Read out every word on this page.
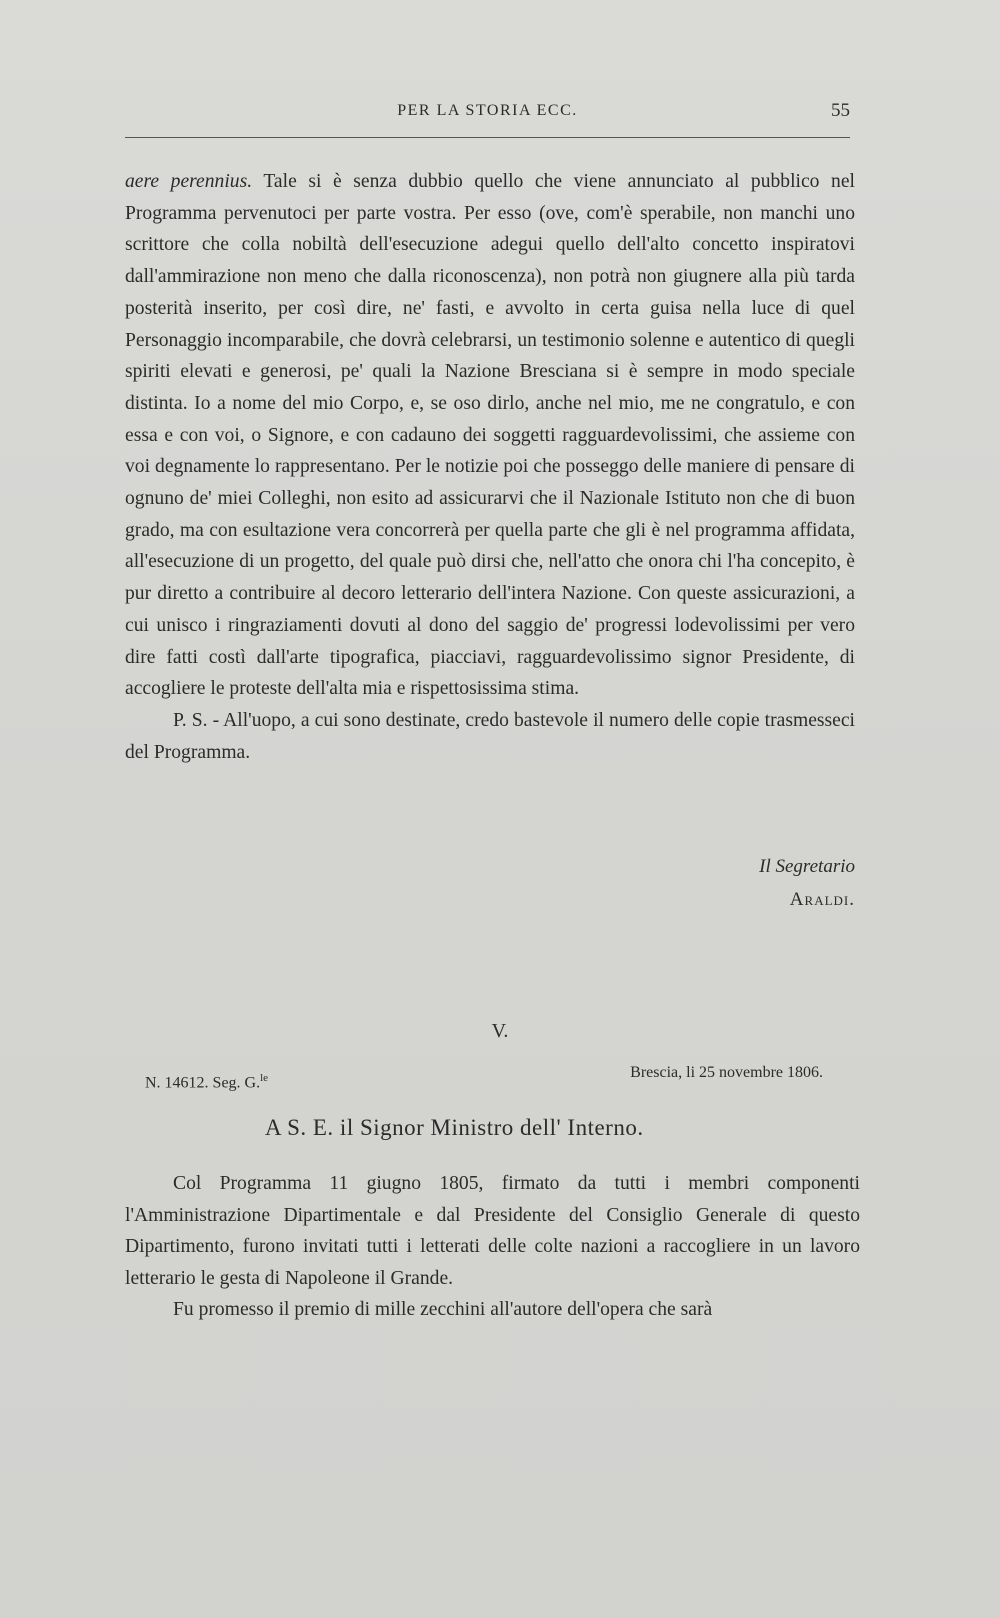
PER LA STORIA ECC.	55

aere perennius. Tale si è senza dubbio quello che viene annunciato al pubblico nel Programma pervenutoci per parte vostra. Per esso (ove, com'è sperabile, non manchi uno scrittore che colla nobiltà dell'esecuzione adegui quello dell'alto concetto inspiratovi dall'ammirazione non meno che dalla riconoscenza), non potrà non giugnere alla più tarda posterità inserito, per così dire, ne' fasti, e avvolto in certa guisa nella luce di quel Personaggio incomparabile, che dovrà celebrarsi, un testimonio solenne e autentico di quegli spiriti elevati e generosi, pe' quali la Nazione Bresciana si è sempre in modo speciale distinta. Io a nome del mio Corpo, e, se oso dirlo, anche nel mio, me ne congratulo, e con essa e con voi, o Signore, e con cadauno dei soggetti ragguardevolissimi, che assieme con voi degnamente lo rappresentano. Per le notizie poi che posseggo delle maniere di pensare di ognuno de' miei Colleghi, non esito ad assicurarvi che il Nazionale Istituto non che di buon grado, ma con esultazione vera concorrerà per quella parte che gli è nel programma affidata, all'esecuzione di un progetto, del quale può dirsi che, nell'atto che onora chi l'ha concepito, è pur diretto a contribuire al decoro letterario dell'intera Nazione. Con queste assicurazioni, a cui unisco i ringraziamenti dovuti al dono del saggio de' progressi lodevolissimi per vero dire fatti costì dall'arte tipografica, piacciavi, ragguardevolissimo signor Presidente, di accogliere le proteste dell'alta mia e rispettosissima stima.

P. S. - All'uopo, a cui sono destinate, credo bastevole il numero delle copie trasmesseci del Programma.

Il Segretario
Araldi.
V.
N. 14612. Seg. G.$^{le}$	Brescia, li 25 novembre 1806.
A S. E. il Signor Ministro dell' Interno.

Col Programma 11 giugno 1805, firmato da tutti i membri componenti l'Amministrazione Dipartimentale e dal Presidente del Consiglio Generale di questo Dipartimento, furono invitati tutti i letterati delle colte nazioni a raccogliere in un lavoro letterario le gesta di Napoleone il Grande.

Fu promesso il premio di mille zecchini all'autore dell'opera che sarà
